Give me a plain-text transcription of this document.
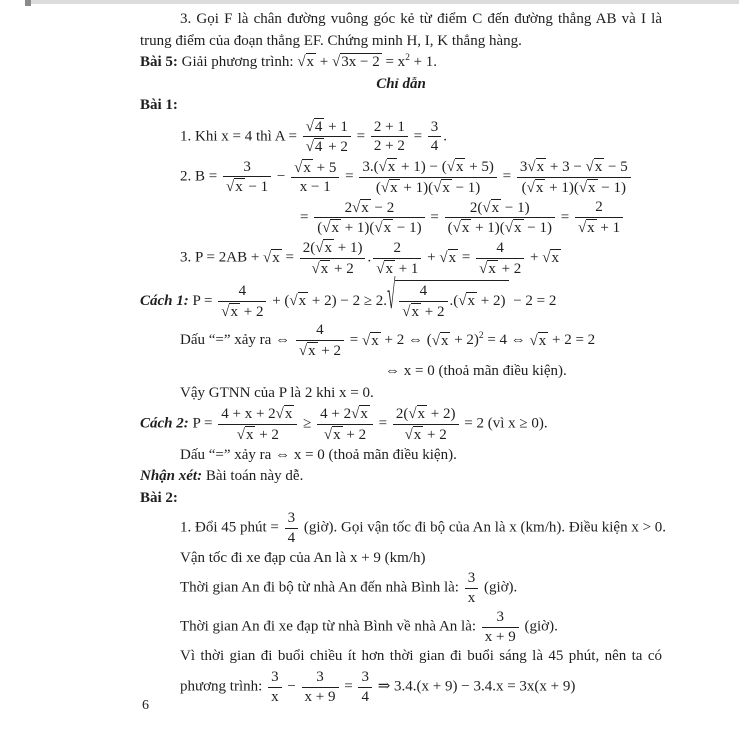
3. Gọi F là chân đường vuông góc kẻ từ điểm C đến đường thẳng AB và I là
trung điểm của đoạn thẳng EF. Chứng minh H, I, K thẳng hàng.
Bài 5: Giải phương trình: $√x + √3x - 2 = x^2 + 1$.
Chỉ dẫn
Bài 1:
1. Khi x = 4 thì $A = \frac{√4 + 1}{√4 + 2} = \frac{2 + 1}{2 + 2} = \frac{3}{4}$ .
2. $B = \frac{3}{√x - 1} - \frac{√x + 5}{x - 1} = \frac{3.(√x + 1) - (√x + 5)}{(√x + 1)(√x - 1)} = \frac{3√x + 3 - √x - 5}{(√x + 1)(√x - 1)}$
= $\frac{2√x - 2}{(√x + 1)(√x - 1)} = \frac{2(√x - 1)}{(√x + 1)(√x - 1)} = \frac{2}{√x + 1}$
3. $P = 2AB + √x = \frac{2(√x + 1)}{√x + 2}$ . $\frac{2}{√x + 1} + √x = \frac{4}{√x + 2} + √x$
Cách 1: $P = \frac{4}{√x + 2} + (√x + 2) - 2 \ge 2.√ \frac{4}{√x + 2} .(√x + 2) - 2 = 2$
Dấu “=” xảy ra ⇔ $\frac{4}{√x + 2} = √x + 2$ ⇔ $(√x + 2)^2 = 4$ ⇔ √x + 2 = 2
⇔ x = 0 (thoả mãn điều kiện).
Vậy GTNN của P là 2 khi x = 0.
Cách 2: $P = \frac{4 + x + 2√x}{√x + 2} \ge \frac{4 + 2√x}{√x + 2} = \frac{2(√x + 2)}{√x + 2} = 2$ (vì x ≥ 0).
Dấu “=” xảy ra ⇔ x = 0 (thoả mãn điều kiện).
Nhận xét: Bài toán này dễ.
Bài 2:
1. Đổi 45 phút = $\frac{3}{4}$ (giờ). Gọi vận tốc đi bộ của An là x (km/h). Điều kiện x > 0.
Vận tốc đi xe đạp của An là x + 9 (km/h)
Thời gian An đi bộ từ nhà An đến nhà Bình là: $\frac{3}{x}$ (giờ).
Thời gian An đi xe đạp từ nhà Bình về nhà An là: $\frac{3}{x + 9}$ (giờ).
Vì thời gian đi buổi chiều ít hơn thời gian đi buổi sáng là 45 phút, nên ta có
phương trình: $\frac{3}{x} - \frac{3}{x + 9} = \frac{3}{4}$ ⇒ 3.4.(x + 9) − 3.4.x = 3x(x + 9)
6
